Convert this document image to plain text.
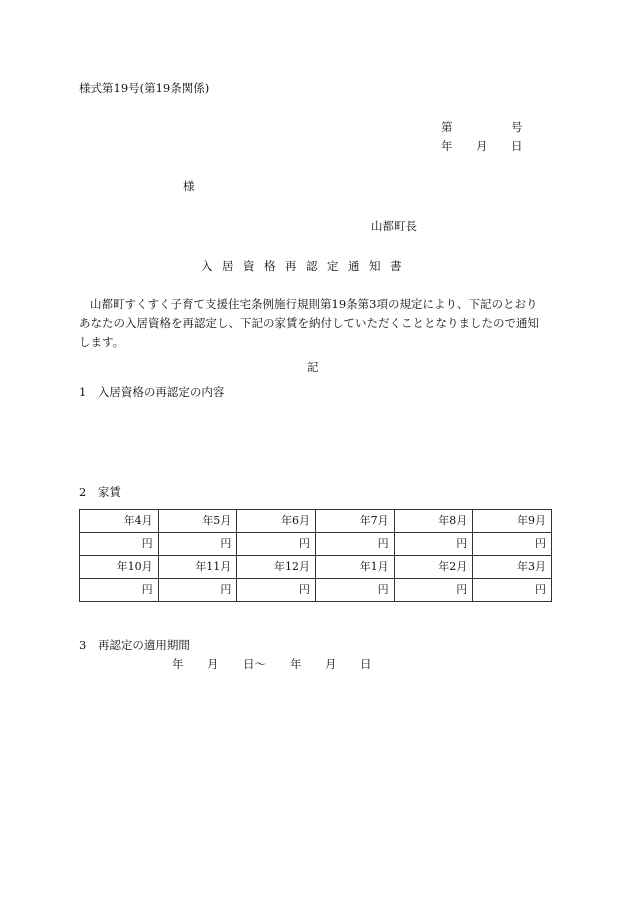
様式第19号(第19条関係)
第	号
年 月 日
様
山都町長
入居資格再認定通知書

山都町すくすく子育て支援住宅条例施行規則第19条第3項の規定により、下記のとおり

あなたの入居資格を再認定し、下記の家賃を納付していただくこととなりましたので通知

します。

記
1　入居資格の再認定の内容
2　家賃
年4月	年5月	年6月	年7月	年8月	年9月
円	円	円	円	円	円
年10月	年11月	年12月	年1月	年2月	年3月
円	円	円	円	円	円
3　再認定の適用期間
年 月 日～ 年 月 日
